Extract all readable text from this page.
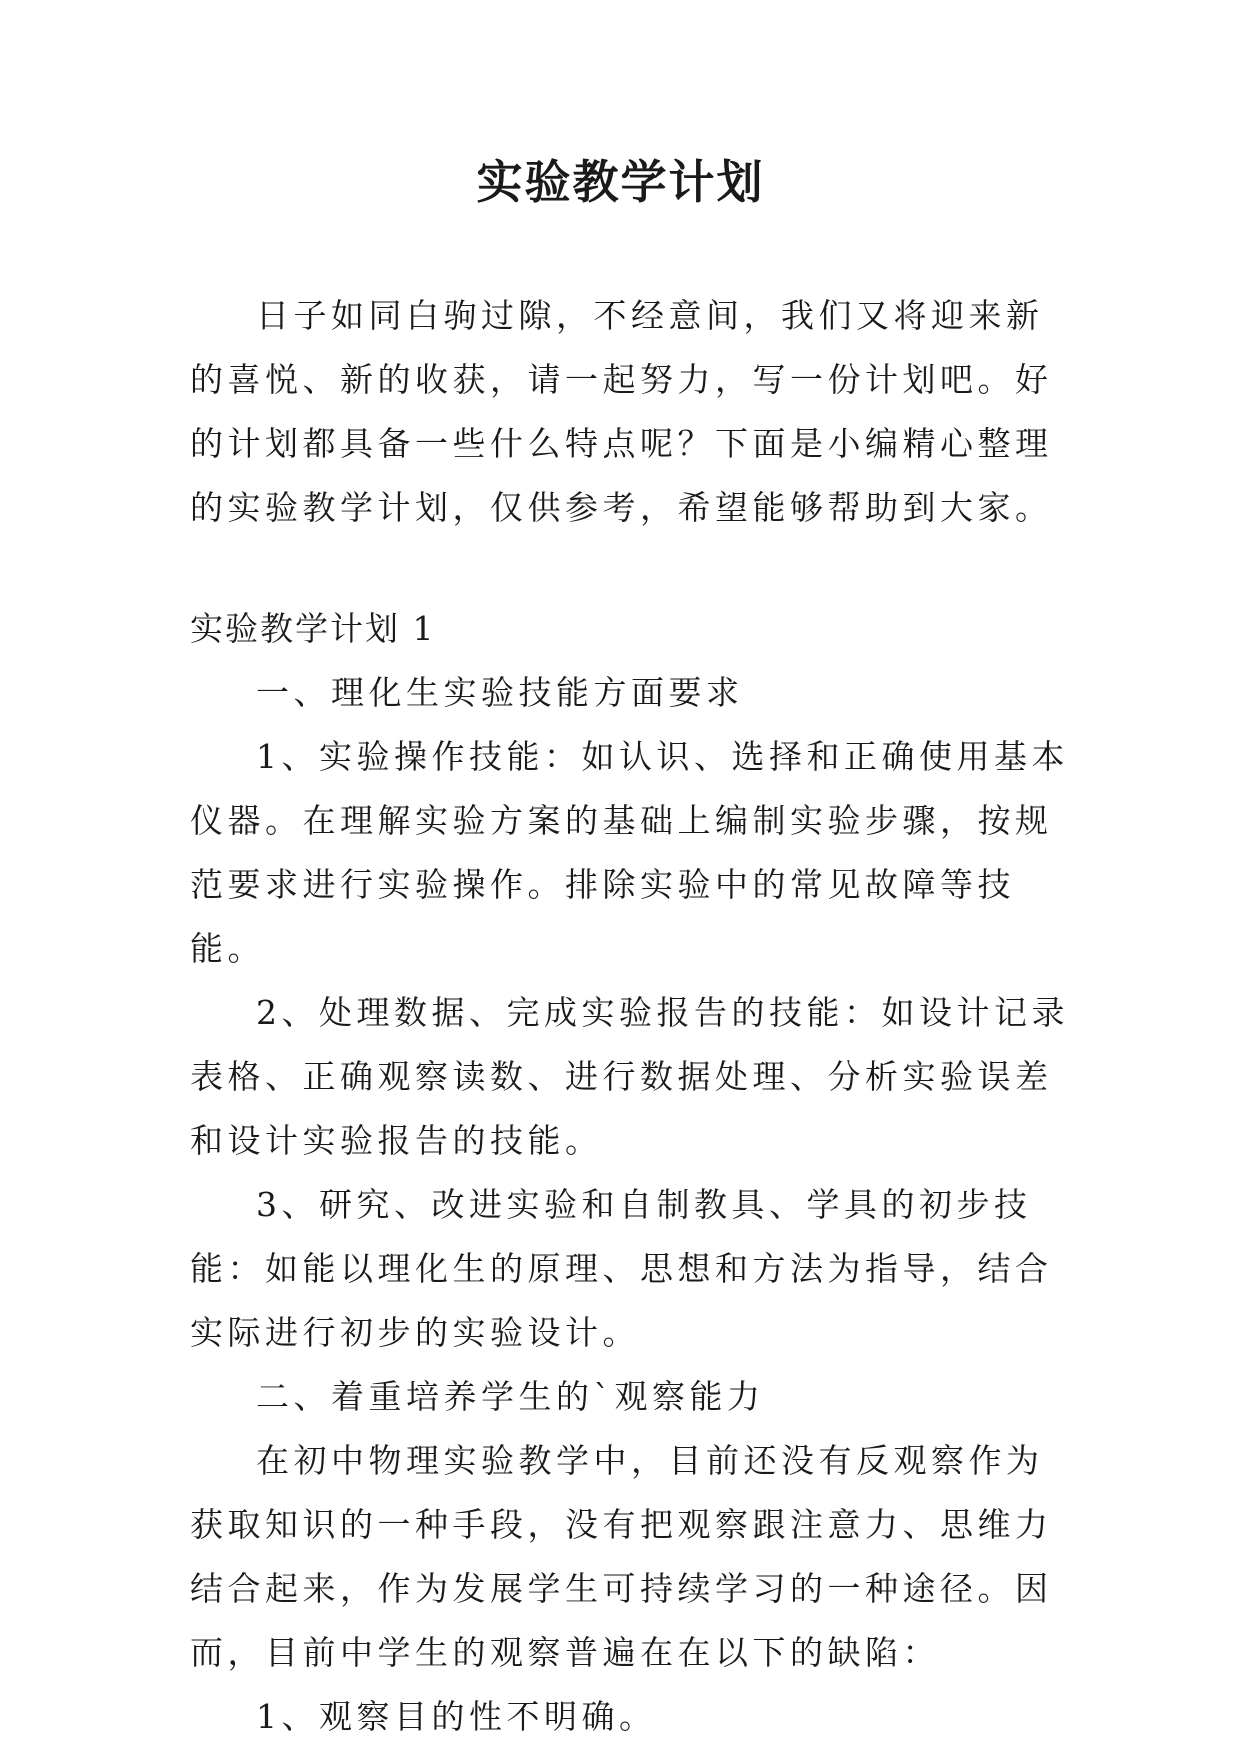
实验教学计划

日子如同白驹过隙，不经意间，我们又将迎来新的喜悦、新的收获，请一起努力，写一份计划吧。好的计划都具备一些什么特点呢？下面是小编精心整理的实验教学计划，仅供参考，希望能够帮助到大家。

实验教学计划 1

一、理化生实验技能方面要求

1、实验操作技能：如认识、选择和正确使用基本仪器。在理解实验方案的基础上编制实验步骤，按规范要求进行实验操作。排除实验中的常见故障等技能。

2、处理数据、完成实验报告的技能：如设计记录表格、正确观察读数、进行数据处理、分析实验误差和设计实验报告的技能。

3、研究、改进实验和自制教具、学具的初步技能：如能以理化生的原理、思想和方法为指导，结合实际进行初步的实验设计。

二、着重培养学生的`观察能力

在初中物理实验教学中，目前还没有反观察作为获取知识的一种手段，没有把观察跟注意力、思维力结合起来，作为发展学生可持续学习的一种途径。因而，目前中学生的观察普遍在在以下的缺陷：

1、观察目的性不明确。
